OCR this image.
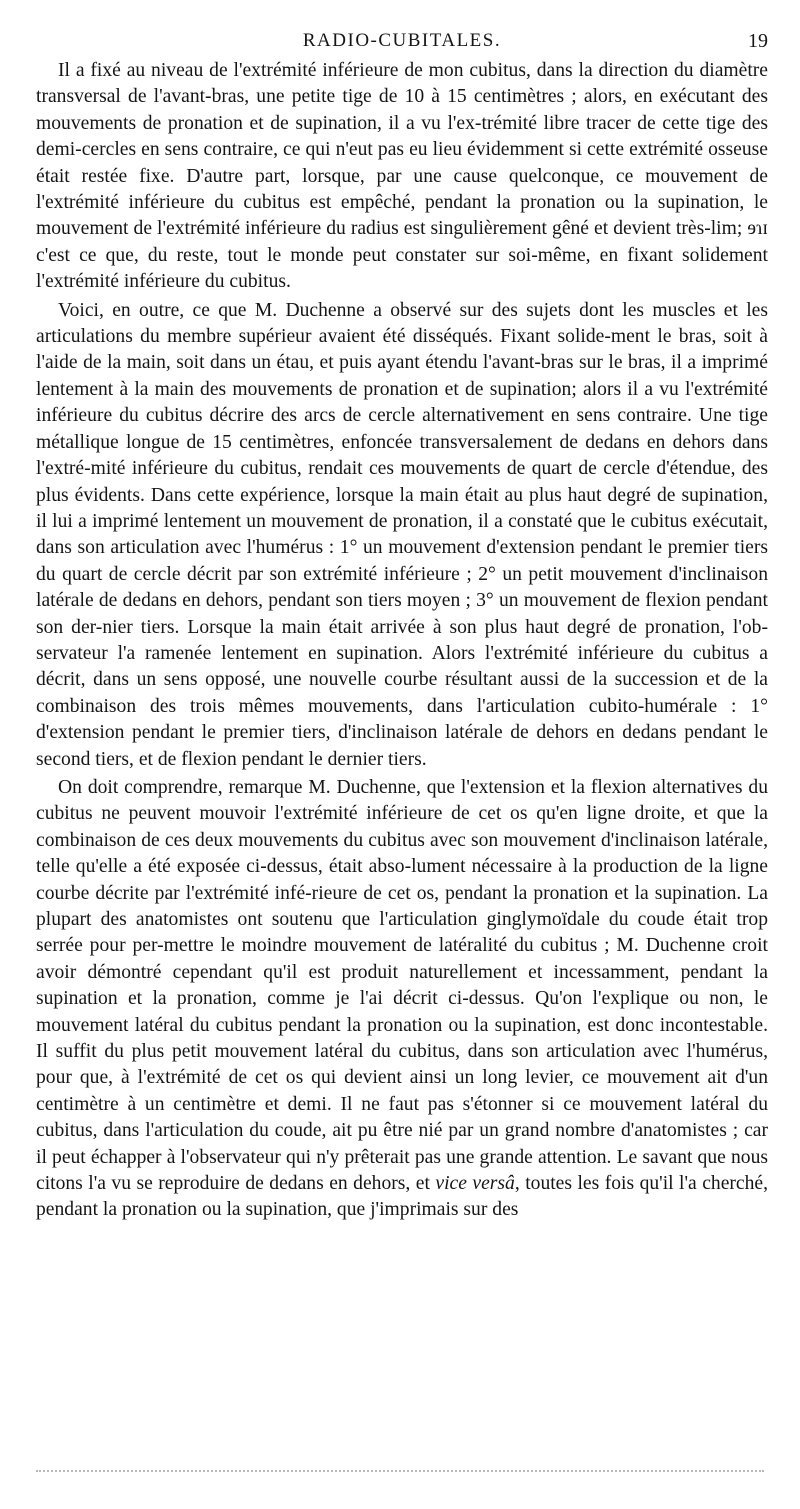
RADIO-CUBITALES.	19

Il a fixé au niveau de l'extrémité inférieure de mon cubitus, dans la direction du diamètre transversal de l'avant-bras, une petite tige de 10 à 15 centimètres ; alors, en exécutant des mouvements de pronation et de supination, il a vu l'ex-trémité libre tracer de cette tige des demi-cercles en sens contraire, ce qui n'eut pas eu lieu évidemment si cette extrémité osseuse était restée fixe. D'autre part, lorsque, par une cause quelconque, ce mouvement de l'extrémité inférieure du cubitus est empêché, pendant la pronation ou la supination, le mouvement de l'extrémité inférieure du radius est singulièrement gêné et devient très-lim; ɘɿɪ c'est ce que, du reste, tout le monde peut constater sur soi-même, en fixant solidement l'extrémité inférieure du cubitus.

Voici, en outre, ce que M. Duchenne a observé sur des sujets dont les muscles et les articulations du membre supérieur avaient été disséqués. Fixant solide-ment le bras, soit à l'aide de la main, soit dans un étau, et puis ayant étendu l'avant-bras sur le bras, il a imprimé lentement à la main des mouvements de pronation et de supination; alors il a vu l'extrémité inférieure du cubitus décrire des arcs de cercle alternativement en sens contraire. Une tige métallique longue de 15 centimètres, enfoncée transversalement de dedans en dehors dans l'extré-mité inférieure du cubitus, rendait ces mouvements de quart de cercle d'étendue, des plus évidents. Dans cette expérience, lorsque la main était au plus haut degré de supination, il lui a imprimé lentement un mouvement de pronation, il a constaté que le cubitus exécutait, dans son articulation avec l'humérus : 1° un mouvement d'extension pendant le premier tiers du quart de cercle décrit par son extrémité inférieure ; 2° un petit mouvement d'inclinaison latérale de dedans en dehors, pendant son tiers moyen ; 3° un mouvement de flexion pendant son der-nier tiers. Lorsque la main était arrivée à son plus haut degré de pronation, l'ob-servateur l'a ramenée lentement en supination. Alors l'extrémité inférieure du cubitus a décrit, dans un sens opposé, une nouvelle courbe résultant aussi de la succession et de la combinaison des trois mêmes mouvements, dans l'articulation cubito-humérale : 1° d'extension pendant le premier tiers, d'inclinaison latérale de dehors en dedans pendant le second tiers, et de flexion pendant le dernier tiers.

On doit comprendre, remarque M. Duchenne, que l'extension et la flexion alternatives du cubitus ne peuvent mouvoir l'extrémité inférieure de cet os qu'en ligne droite, et que la combinaison de ces deux mouvements du cubitus avec son mouvement d'inclinaison latérale, telle qu'elle a été exposée ci-dessus, était abso-lument nécessaire à la production de la ligne courbe décrite par l'extrémité infé-rieure de cet os, pendant la pronation et la supination. La plupart des anatomistes ont soutenu que l'articulation ginglymoïdale du coude était trop serrée pour per-mettre le moindre mouvement de latéralité du cubitus ; M. Duchenne croit avoir démontré cependant qu'il est produit naturellement et incessamment, pendant la supination et la pronation, comme je l'ai décrit ci-dessus. Qu'on l'explique ou non, le mouvement latéral du cubitus pendant la pronation ou la supination, est donc incontestable. Il suffit du plus petit mouvement latéral du cubitus, dans son articulation avec l'humérus, pour que, à l'extrémité de cet os qui devient ainsi un long levier, ce mouvement ait d'un centimètre à un centimètre et demi. Il ne faut pas s'étonner si ce mouvement latéral du cubitus, dans l'articulation du coude, ait pu être nié par un grand nombre d'anatomistes ; car il peut échapper à l'observateur qui n'y prêterait pas une grande attention. Le savant que nous citons l'a vu se reproduire de dedans en dehors, et vice versâ, toutes les fois qu'il l'a cherché, pendant la pronation ou la supination, que j'imprimais sur des
